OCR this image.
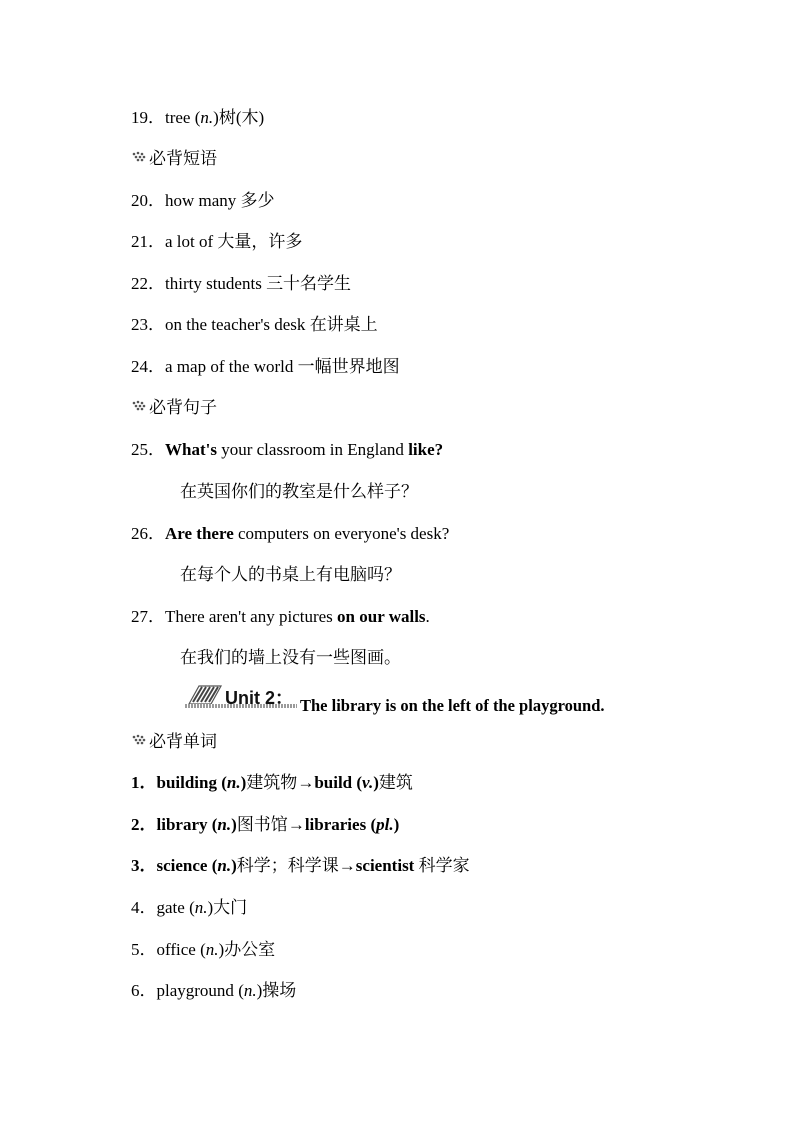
19．tree (n.)树(木)
必背短语
20．how many 多少
21．a lot of 大量，许多
22．thirty students 三十名学生
23．on the teacher's desk 在讲桌上
24．a map of the world 一幅世界地图
必背句子
25．What's your classroom in England like?
在英国你们的教室是什么样子？
26．Are there computers on everyone's desk?
在每个人的书桌上有电脑吗？
27．There aren't any pictures on our walls.
在我们的墙上没有一些图画。
Unit 2： The library is on the left of the playground.
必背单词
1．building (n.)建筑物→build (v.)建筑
2．library (n.)图书馆→libraries (pl.)
3．science (n.)科学；科学课→scientist 科学家
4．gate (n.)大门
5．office (n.)办公室
6．playground (n.)操场
